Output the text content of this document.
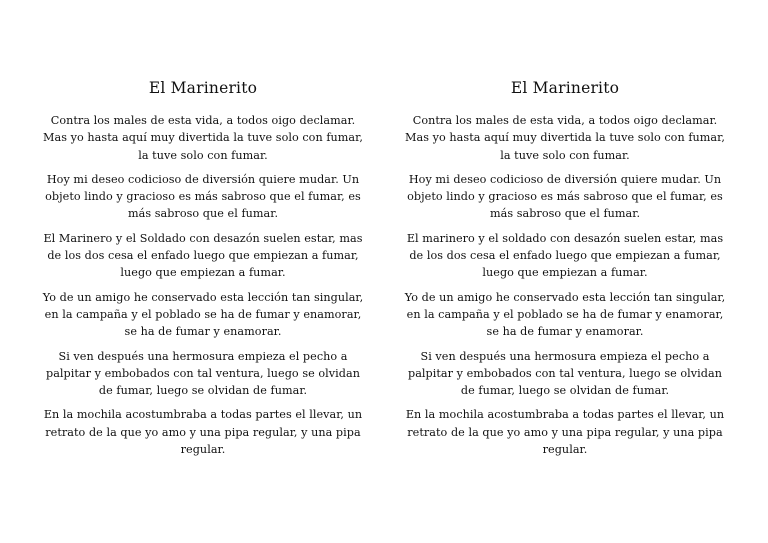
El Marinerito

Contra los males de esta vida, a todos oigo declamar. Mas yo hasta aquí muy divertida la tuve solo con fumar, la tuve solo con fumar.

Hoy mi deseo codicioso de diversión quiere mudar. Un objeto lindo y gracioso es más sabroso que el fumar, es más sabroso que el fumar.

El Marinero y el Soldado con desazón suelen estar, mas de los dos cesa el enfado luego que empiezan a fumar, luego que empiezan a fumar.

Yo de un amigo he conservado esta lección tan singular, en la campaña y el poblado se ha de fumar y enamorar, se ha de fumar y enamorar.

Si ven después una hermosura empieza el pecho a palpitar y embobados con tal ventura, luego se olvidan de fumar, luego se olvidan de fumar.

En la mochila acostumbraba a todas partes el llevar, un retrato de la que yo amo y una pipa regular, y una pipa regular.

El Marinerito

Contra los males de esta vida, a todos oigo declamar. Mas yo hasta aquí muy divertida la tuve solo con fumar, la tuve solo con fumar.

Hoy mi deseo codicioso de diversión quiere mudar. Un objeto lindo y gracioso es más sabroso que el fumar, es más sabroso que el fumar.

El marinero y el soldado con desazón suelen estar, mas de los dos cesa el enfado luego que empiezan a fumar, luego que empiezan a fumar.

Yo de un amigo he conservado esta lección tan singular, en la campaña y el poblado se ha de fumar y enamorar, se ha de fumar y enamorar.

Si ven después una hermosura empieza el pecho a palpitar y embobados con tal ventura, luego se olvidan de fumar, luego se olvidan de fumar.

En la mochila acostumbraba a todas partes el llevar, un retrato de la que yo amo y una pipa regular, y una pipa regular.
